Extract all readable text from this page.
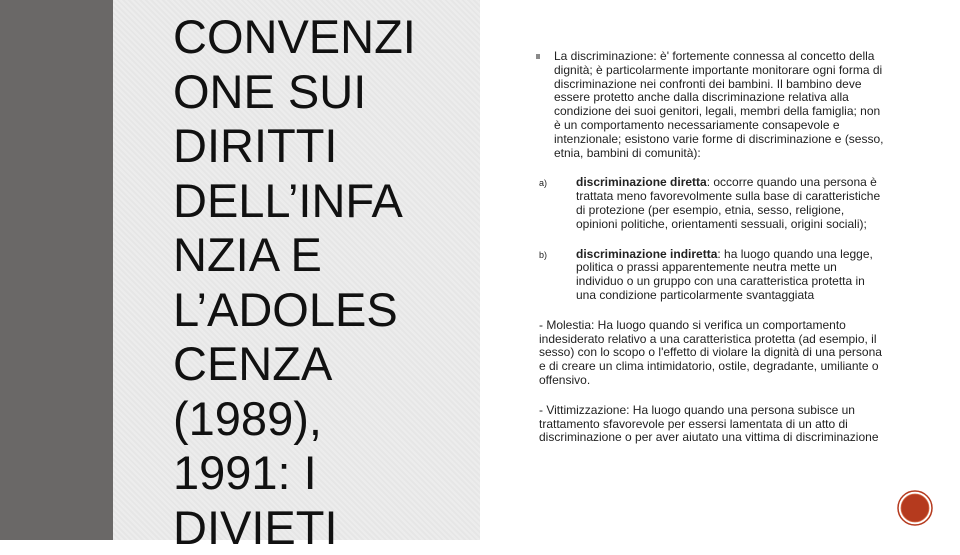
CONVENZI
ONE SUI
DIRITTI
DELL’INFA
NZIA E
L’ADOLES
CENZA
(1989),
1991: I
DIVIETI

La discriminazione: è' fortemente connessa al concetto della dignità; è particolarmente importante monitorare ogni forma di discriminazione nei confronti dei bambini. Il bambino deve essere protetto anche dalla discriminazione relativa alla condizione dei suoi genitori, legali, membri della famiglia; non è un comportamento necessariamente consapevole e intenzionale; esistono varie forme di discriminazione e (sesso, etnia, bambini di comunità):

a) discriminazione diretta: occorre quando una persona è trattata meno favorevolmente sulla base di caratteristiche di protezione (per esempio, etnia, sesso, religione, opinioni politiche, orientamenti sessuali, origini sociali);
b) discriminazione indiretta: ha luogo quando una legge, politica o prassi apparentemente neutra mette un individuo o un gruppo con una caratteristica protetta in una condizione particolarmente svantaggiata

- Molestia: Ha luogo quando si verifica un comportamento indesiderato relativo a una caratteristica protetta (ad esempio, il sesso) con lo scopo o l'effetto di violare la dignità di una persona e di creare un clima intimidatorio, ostile, degradante, umiliante o offensivo.

- Vittimizzazione: Ha luogo quando una persona subisce un trattamento sfavorevole per essersi lamentata di un atto di discriminazione o per aver aiutato una vittima di discriminazione
